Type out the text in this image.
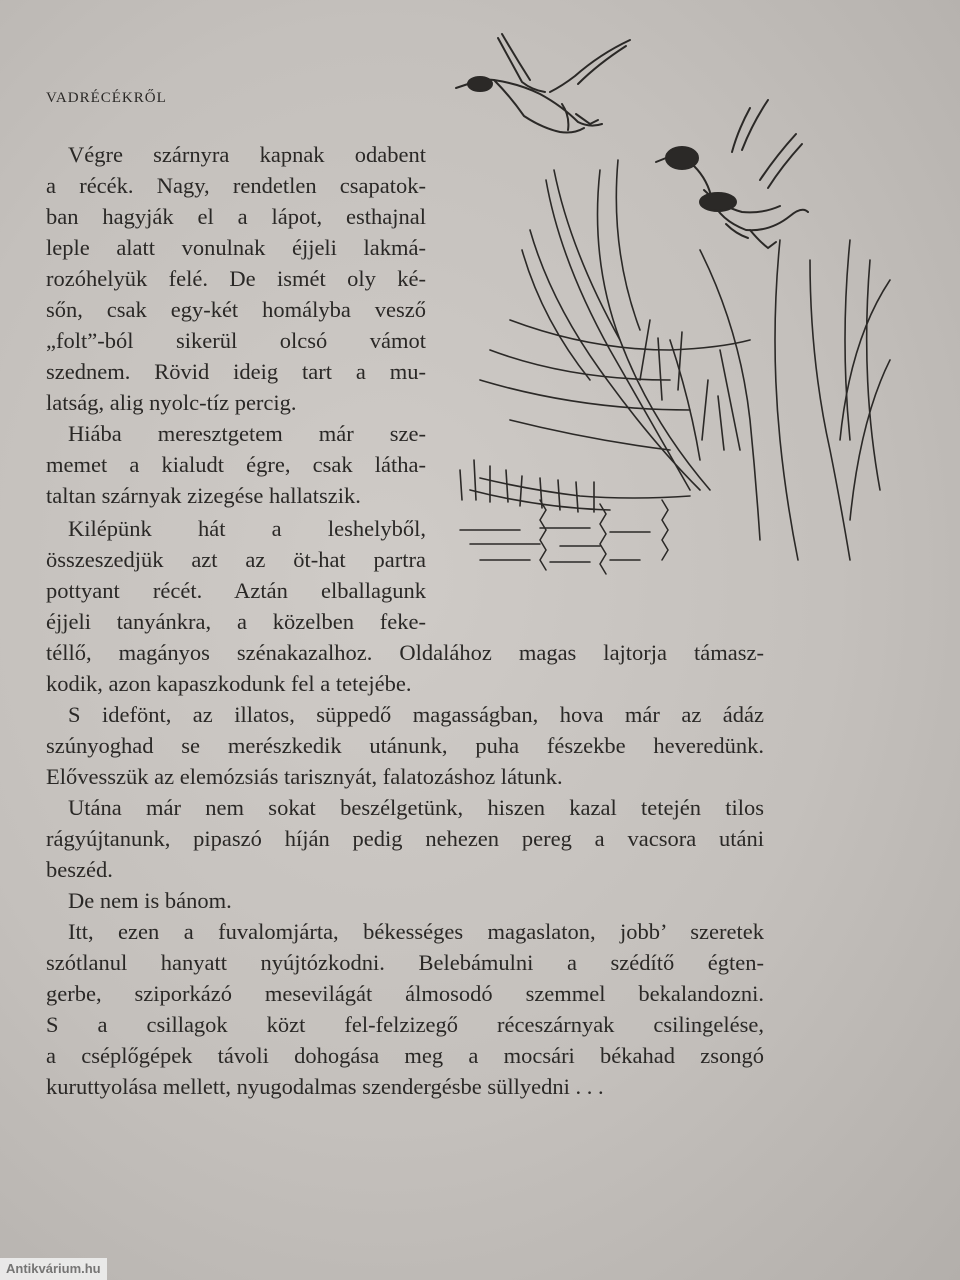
VADRÉCÉKRŐL
Végre szárnyra kapnak odabent
a récék. Nagy, rendetlen csapatok-
ban hagyják el a lápot, esthajnal
leple alatt vonulnak éjjeli lakmá-
rozóhelyük felé. De ismét oly ké-
sőn, csak egy-két homályba vesző
„folt”-ból sikerül olcsó vámot
szednem. Rövid ideig tart a mu-
latság, alig nyolc-tíz percig.
Hiába meresztgetem már sze-
memet a kialudt égre, csak látha-
taltan szárnyak zizegése hallatszik.
Kilépünk hát a leshelyből,
összeszedjük azt az öt-hat partra
pottyant récét. Aztán elballagunk
éjjeli tanyánkra, a közelben feke-
téllő, magányos szénakazalhoz. Oldalához magas lajtorja támasz-
kodik, azon kapaszkodunk fel a tetejébe.
S idefönt, az illatos, süppedő magasságban, hova már az ádáz
szúnyoghad se merészkedik utánunk, puha fészekbe heveredünk.
Elővesszük az elemózsiás tarisznyát, falatozáshoz látunk.
Utána már nem sokat beszélgetünk, hiszen kazal tetején tilos
rágyújtanunk, pipaszó híján pedig nehezen pereg a vacsora utáni
beszéd.
De nem is bánom.
Itt, ezen a fuvalomjárta, békességes magaslaton, jobb’ szeretek
szótlanul hanyatt nyújtózkodni. Belebámulni a szédítő égten-
gerbe, sziporkázó mesevilágát álmosodó szemmel bekalandozni.
S a csillagok közt fel-felzizegő réceszárnyak csilingelése,
a cséplőgépek távoli dohogása meg a mocsári békahad zsongó
kuruttyolása mellett, nyugodalmas szendergésbe süllyedni . . .
Antikvárium.hu
